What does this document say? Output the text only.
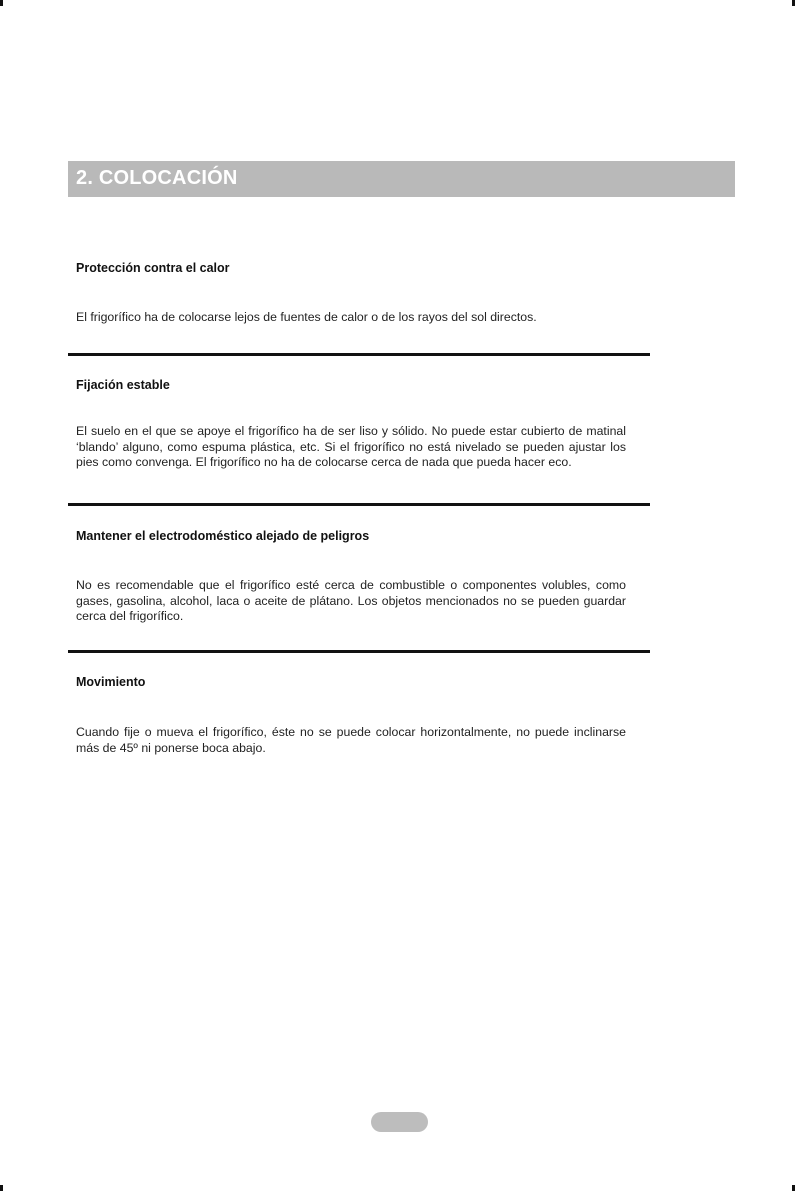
2. COLOCACIÓN
Protección contra el calor
El frigorífico ha de colocarse lejos de fuentes de calor o de los rayos del sol directos.
Fijación estable
El suelo en el que se apoye el frigorífico ha de ser liso y sólido. No puede estar cubierto de matinal ‘blando’ alguno, como espuma plástica, etc. Si el frigorífico no está nivelado se pueden ajustar los pies como convenga. El frigorífico no ha de colocarse cerca de nada que pueda hacer eco.
Mantener el electrodoméstico alejado de peligros
No es recomendable que el frigorífico esté cerca de combustible o componentes volubles, como gases, gasolina, alcohol, laca o aceite de plátano. Los objetos mencionados no se pueden guardar cerca del frigorífico.
Movimiento
Cuando fije o mueva el frigorífico, éste no se puede colocar horizontalmente, no puede inclinarse más de 45º ni ponerse boca abajo.
